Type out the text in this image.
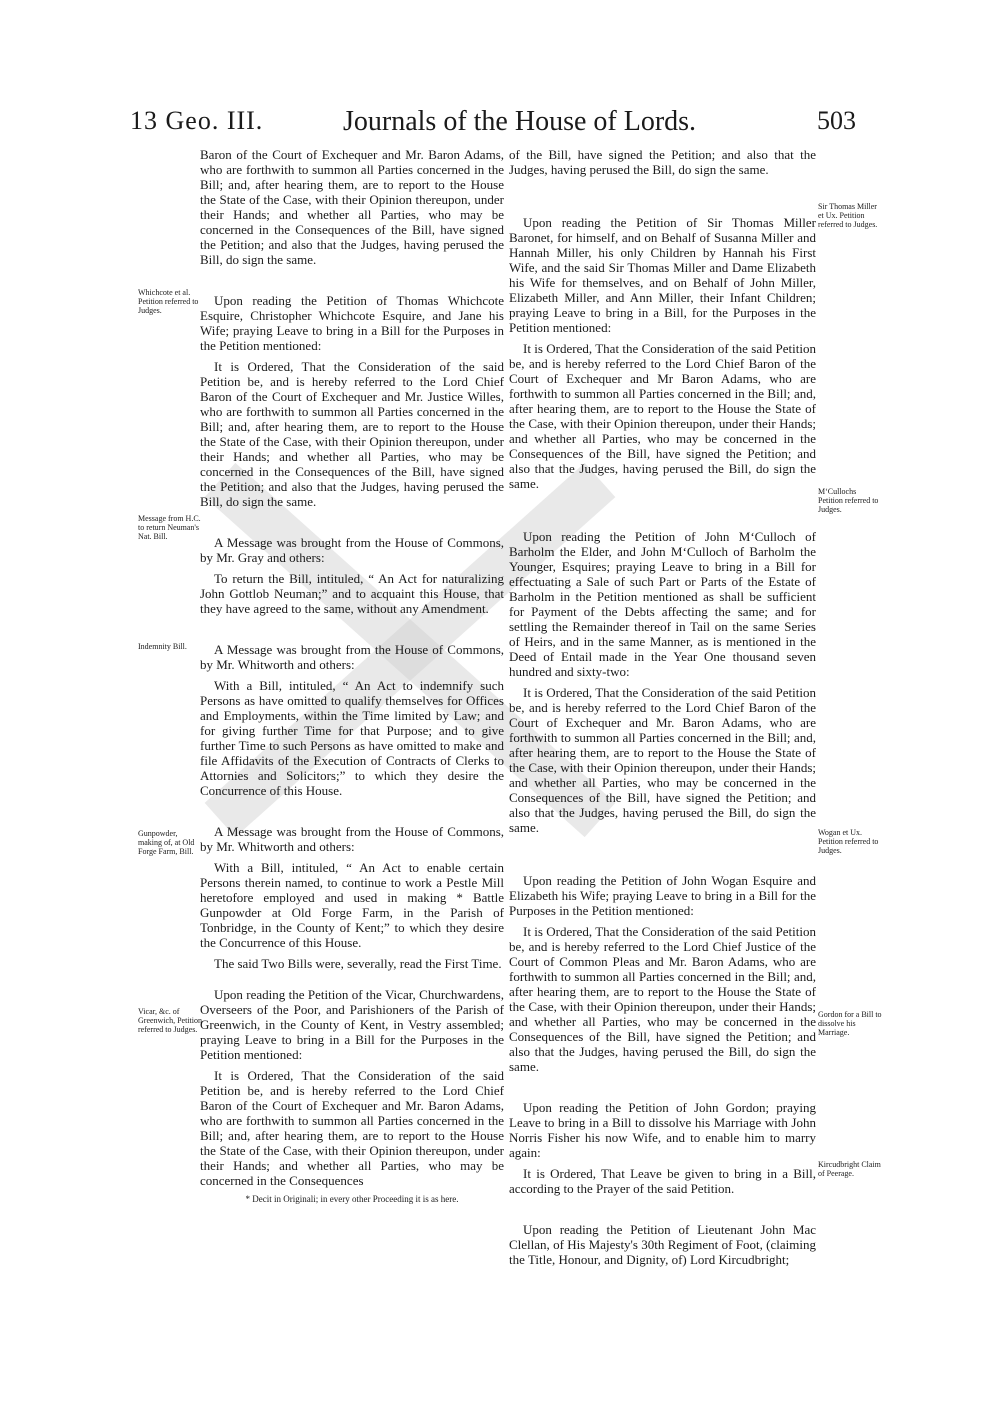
13 Geo. III.	Journals of the House of Lords.	503

Baron of the Court of Exchequer and Mr. Baron Adams, who are forthwith to summon all Parties concerned in the Bill; and, after hearing them, are to report to the House the State of the Case, with their Opinion thereupon, under their Hands; and whether all Parties, who may be concerned in the Consequences of the Bill, have signed the Petition; and also that the Judges, having perused the Bill, do sign the same.

Upon reading the Petition of Thomas Whichcote Esquire, Christopher Whichcote Esquire, and Jane his Wife; praying Leave to bring in a Bill for the Purposes in the Petition mentioned:

It is Ordered, That the Consideration of the said Petition be, and is hereby referred to the Lord Chief Baron of the Court of Exchequer and Mr. Justice Willes, who are forthwith to summon all Parties concerned in the Bill; and, after hearing them, are to report to the House the State of the Case, with their Opinion thereupon, under their Hands; and whether all Parties, who may be concerned in the Consequences of the Bill, have signed the Petition; and also that the Judges, having perused the Bill, do sign the same.

A Message was brought from the House of Commons, by Mr. Gray and others:

To return the Bill, intituled, “ An Act for naturalizing John Gottlob Neuman;” and to acquaint this House, that they have agreed to the same, without any Amendment.

A Message was brought from the House of Commons, by Mr. Whitworth and others:

With a Bill, intituled, “ An Act to indemnify such Persons as have omitted to qualify themselves for Offices and Employments, within the Time limited by Law; and for giving further Time for that Purpose; and to give further Time to such Persons as have omitted to make and file Affidavits of the Execution of Contracts of Clerks to Attornies and Solicitors;” to which they desire the Concurrence of this House.

A Message was brought from the House of Commons, by Mr. Whitworth and others:

With a Bill, intituled, “ An Act to enable certain Persons therein named, to continue to work a Pestle Mill heretofore employed and used in making * Battle Gunpowder at Old Forge Farm, in the Parish of Tonbridge, in the County of Kent;” to which they desire the Concurrence of this House.

The said Two Bills were, severally, read the First Time.

Upon reading the Petition of the Vicar, Churchwardens, Overseers of the Poor, and Parishioners of the Parish of Greenwich, in the County of Kent, in Vestry assembled; praying Leave to bring in a Bill for the Purposes in the Petition mentioned:

It is Ordered, That the Consideration of the said Petition be, and is hereby referred to the Lord Chief Baron of the Court of Exchequer and Mr. Baron Adams, who are forthwith to summon all Parties concerned in the Bill; and, after hearing them, are to report to the House the State of the Case, with their Opinion thereupon, under their Hands; and whether all Parties, who may be concerned in the Consequences

* Decit in Originali; in every other Proceeding it is as here.

of the Bill, have signed the Petition; and also that the Judges, having perused the Bill, do sign the same.

Upon reading the Petition of Sir Thomas Miller Baronet, for himself, and on Behalf of Susanna Miller and Hannah Miller, his only Children by Hannah his First Wife, and the said Sir Thomas Miller and Dame Elizabeth his Wife for themselves, and on Behalf of John Miller, Elizabeth Miller, and Ann Miller, their Infant Children; praying Leave to bring in a Bill, for the Purposes in the Petition mentioned:

It is Ordered, That the Consideration of the said Petition be, and is hereby referred to the Lord Chief Baron of the Court of Exchequer and Mr Baron Adams, who are forthwith to summon all Parties concerned in the Bill; and, after hearing them, are to report to the House the State of the Case, with their Opinion thereupon, under their Hands; and whether all Parties, who may be concerned in the Consequences of the Bill, have signed the Petition; and also that the Judges, having perused the Bill, do sign the same.

Upon reading the Petition of John M‘Culloch of Barholm the Elder, and John M‘Culloch of Barholm the Younger, Esquires; praying Leave to bring in a Bill for effectuating a Sale of such Part or Parts of the Estate of Barholm in the Petition mentioned as shall be sufficient for Payment of the Debts affecting the same; and for settling the Remainder thereof in Tail on the same Series of Heirs, and in the same Manner, as is mentioned in the Deed of Entail made in the Year One thousand seven hundred and sixty-two:

It is Ordered, That the Consideration of the said Petition be, and is hereby referred to the Lord Chief Baron of the Court of Exchequer and Mr. Baron Adams, who are forthwith to summon all Parties concerned in the Bill; and, after hearing them, are to report to the House the State of the Case, with their Opinion thereupon, under their Hands; and whether all Parties, who may be concerned in the Consequences of the Bill, have signed the Petition; and also that the Judges, having perused the Bill, do sign the same.

Upon reading the Petition of John Wogan Esquire and Elizabeth his Wife; praying Leave to bring in a Bill for the Purposes in the Petition mentioned:

It is Ordered, That the Consideration of the said Petition be, and is hereby referred to the Lord Chief Justice of the Court of Common Pleas and Mr. Baron Adams, who are forthwith to summon all Parties concerned in the Bill; and, after hearing them, are to report to the House the State of the Case, with their Opinion thereupon, under their Hands; and whether all Parties, who may be concerned in the Consequences of the Bill, have signed the Petition; and also that the Judges, having perused the Bill, do sign the same.

Upon reading the Petition of John Gordon; praying Leave to bring in a Bill to dissolve his Marriage with John Norris Fisher his now Wife, and to enable him to marry again:

It is Ordered, That Leave be given to bring in a Bill, according to the Prayer of the said Petition.

Upon reading the Petition of Lieutenant John Mac Clellan, of His Majesty's 30th Regiment of Foot, (claiming the Title, Honour, and Dignity, of) Lord Kircudbright;

Whichcote et al. Petition referred to Judges.
Message from H.C. to return Neuman's Nat. Bill.
Indemnity Bill.
Gunpowder, making of, at Old Forge Farm, Bill.
Vicar, &c. of Greenwich, Petition referred to Judges.
Sir Thomas Miller et Ux. Petition referred to Judges.
M‘Cullochs Petition referred to Judges.
Wogan et Ux. Petition referred to Judges.
Gordon for a Bill to dissolve his Marriage.
Kircudbright Claim of Peerage.
